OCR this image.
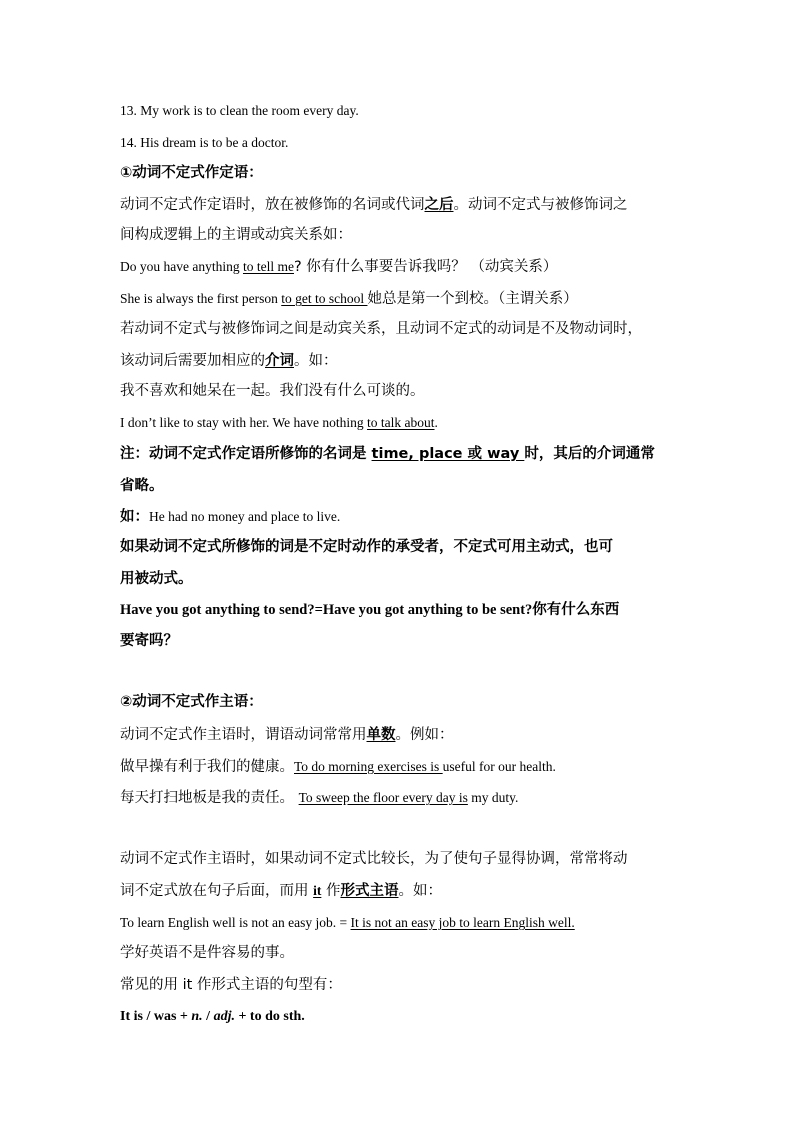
13. My work is to clean the room every day.
14. His dream is to be a doctor.
①动词不定式作定语：
动词不定式作定语时，放在被修饰的名词或代词之后。动词不定式与被修饰词之
间构成逻辑上的主谓或动宾关系如：
Do you have anything to tell me? 你有什么事要告诉我吗？ （动宾关系）
She is always the first person to get to school 她总是第一个到校。（主谓关系）
若动词不定式与被修饰词之间是动宾关系，且动词不定式的动词是不及物动词时，
该动词后需要加相应的介词。如：
我不喜欢和她呆在一起。我们没有什么可谈的。
I don’t like to stay with her. We have nothing to talk about.
注：动词不定式作定语所修饰的名词是 time, place 或 way 时，其后的介词通常
省略。
如：He had no money and place to live.
如果动词不定式所修饰的词是不定时动作的承受者，不定式可用主动式，也可
用被动式。
Have you got anything to send?=Have you got anything to be sent?你有什么东西
要寄吗？
②动词不定式作主语：
动词不定式作主语时，谓语动词常常用单数。例如：
做早操有利于我们的健康。To do morning exercises is useful for our health.
每天打扫地板是我的责任。 To sweep the floor every day is my duty.
动词不定式作主语时，如果动词不定式比较长，为了使句子显得协调，常常将动
词不定式放在句子后面，而用 it 作形式主语。如：
To learn English well is not an easy job. = It is not an easy job to learn English well.
学好英语不是件容易的事。
常见的用 it 作形式主语的句型有：
It is / was + n. / adj. + to do sth.
